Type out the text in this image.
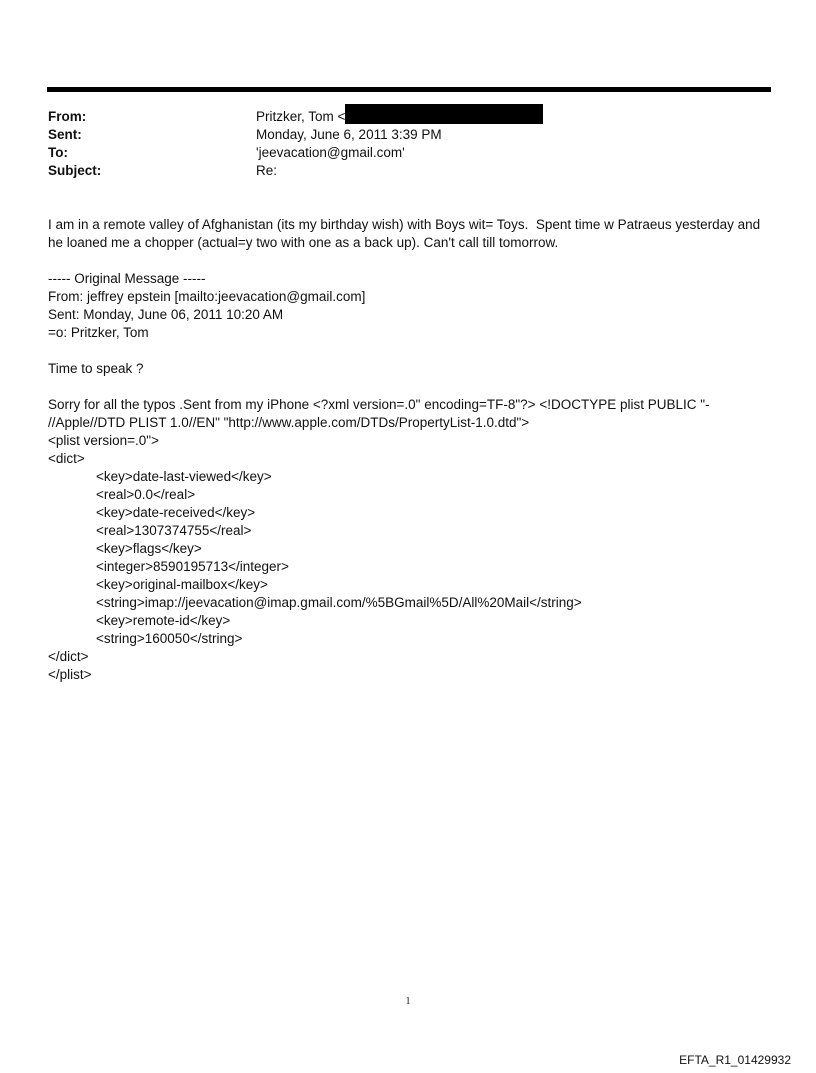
From:	Pritzker, Tom <
Sent:	Monday, June 6, 2011 3:39 PM
To:	'jeevacation@gmail.com'
Subject:	Re:
I am in a remote valley of Afghanistan (its my birthday wish) with Boys wit= Toys.  Spent time w Patraeus yesterday and
he loaned me a chopper (actual=y two with one as a back up). Can't call till tomorrow.
----- Original Message -----
From: jeffrey epstein [mailto:jeevacation@gmail.com]
Sent: Monday, June 06, 2011 10:20 AM
=o: Pritzker, Tom
Time to speak ?
Sorry for all the typos .Sent from my iPhone <?xml version=.0" encoding=TF-8"?> <!DOCTYPE plist PUBLIC "-
//Apple//DTD PLIST 1.0//EN" "http://www.apple.com/DTDs/PropertyList-1.0.dtd">
<plist version=.0">
<dict>
<key>date-last-viewed</key>
<real>0.0</real>
<key>date-received</key>
<real>1307374755</real>
<key>flags</key>
<integer>8590195713</integer>
<key>original-mailbox</key>
<string>imap://jeevacation@imap.gmail.com/%5BGmail%5D/All%20Mail</string>
<key>remote-id</key>
<string>160050</string>
</dict>
</plist>
1
EFTA_R1_01429932
